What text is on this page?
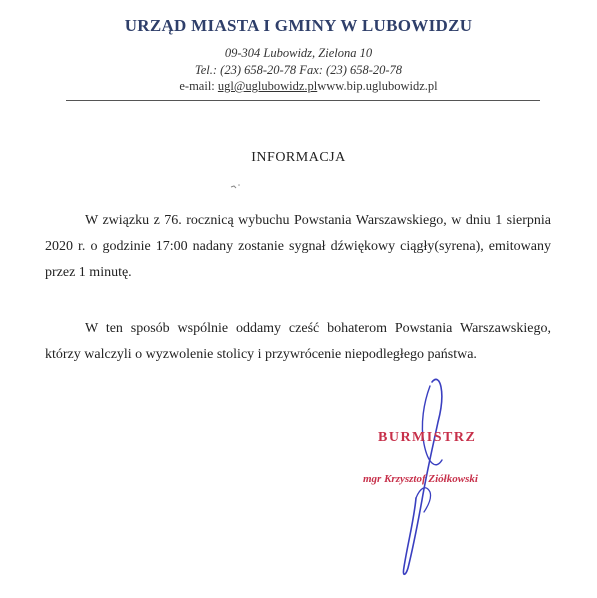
URZĄD MIASTA I GMINY W LUBOWIDZU
09-304 Lubowidz, Zielona 10
Tel.: (23) 658-20-78 Fax: (23) 658-20-78
e-mail: ugl@uglubowidz.plwww.bip.uglubowidz.pl
INFORMACJA

W związku z 76. rocznicą wybuchu Powstania Warszawskiego, w dniu 1 sierpnia 2020 r. o godzinie 17:00 nadany zostanie sygnał dźwiękowy ciągły(syrena), emitowany przez 1 minutę.

W ten sposób wspólnie oddamy cześć bohaterom Powstania Warszawskiego, którzy walczyli o wyzwolenie stolicy i przywrócenie niepodległego państwa.

BURMISTRZ
mgr Krzysztof Ziółkowski
